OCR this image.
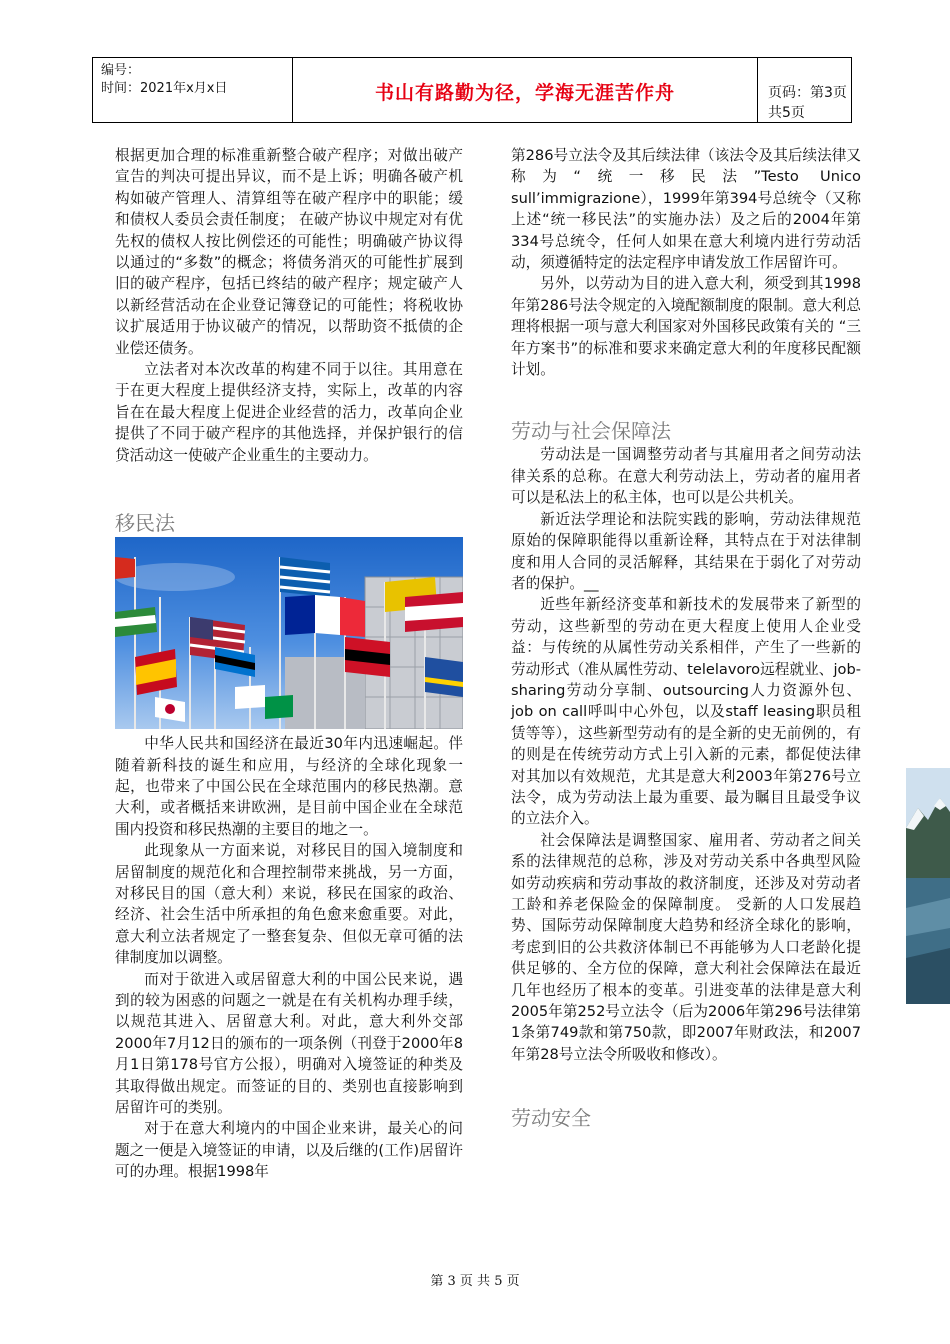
编号：
时间：2021年x月x日	书山有路勤为径，学海无涯苦作舟	页码：第3页 共5页

根据更加合理的标准重新整合破产程序；对做出破产宣告的判决可提出异议，而不是上诉；明确各破产机构如破产管理人、清算组等在破产程序中的职能；缓和债权人委员会责任制度； 在破产协议中规定对有优先权的债权人按比例偿还的可能性；明确破产协议得以通过的“多数”的概念；将债务消灭的可能性扩展到旧的破产程序，包括已终结的破产程序；规定破产人以新经营活动在企业登记簿登记的可能性；将税收协议扩展适用于协议破产的情况，以帮助资不抵债的企业偿还债务。

立法者对本次改革的构建不同于以往。其用意在于在更大程度上提供经济支持，实际上，改革的内容旨在在最大程度上促进企业经营的活力，改革向企业提供了不同于破产程序的其他选择，并保护银行的信贷活动这一使破产企业重生的主要动力。

移民法

中华人民共和国经济在最近30年内迅速崛起。伴随着新科技的诞生和应用，与经济的全球化现象一起，也带来了中国公民在全球范围内的移民热潮。意大利，或者概括来讲欧洲，是目前中国企业在全球范围内投资和移民热潮的主要目的地之一。

此现象从一方面来说，对移民目的国入境制度和居留制度的规范化和合理控制带来挑战，另一方面，对移民目的国（意大利）来说，移民在国家的政治、经济、社会生活中所承担的角色愈来愈重要。对此，意大利立法者规定了一整套复杂、但似无章可循的法律制度加以调整。

而对于欲进入或居留意大利的中国公民来说，遇到的较为困惑的问题之一就是在有关机构办理手续，以规范其进入、居留意大利。对此，意大利外交部2000年7月12日的颁布的一项条例（刊登于2000年8月1日第178号官方公报），明确对入境签证的种类及其取得做出规定。而签证的目的、类别也直接影响到居留许可的类别。

对于在意大利境内的中国企业来讲，最关心的问题之一便是入境签证的申请，以及后继的(工作)居留许可的办理。根据1998年

第286号立法令及其后续法律（该法令及其后续法律又称为“统一移民法”Testo Unico sull’immigrazione），1999年第394号总统令（又称上述“统一移民法”的实施办法）及之后的2004年第334号总统令，任何人如果在意大利境内进行劳动活动，须遵循特定的法定程序申请发放工作居留许可。

另外，以劳动为目的进入意大利，须受到其1998年第286号法令规定的入境配额制度的限制。意大利总理将根据一项与意大利国家对外国移民政策有关的 “三年方案书”的标准和要求来确定意大利的年度移民配额计划。

劳动与社会保障法

劳动法是一国调整劳动者与其雇用者之间劳动法律关系的总称。在意大利劳动法上，劳动者的雇用者可以是私法上的私主体，也可以是公共机关。

新近法学理论和法院实践的影响，劳动法律规范原始的保障职能得以重新诠释，其特点在于对法律制度和用人合同的灵活解释，其结果在于弱化了对劳动者的保护。__

近些年新经济变革和新技术的发展带来了新型的劳动，这些新型的劳动在更大程度上使用人企业受益：与传统的从属性劳动关系相伴，产生了一些新的劳动形式（准从属性劳动、telelavoro远程就业、job-sharing劳动分享制、outsourcing人力资源外包、job on call呼叫中心外包，以及staff leasing职员租赁等等），这些新型劳动有的是全新的史无前例的，有的则是在传统劳动方式上引入新的元素，都促使法律对其加以有效规范，尤其是意大利2003年第276号立法令，成为劳动法上最为重要、最为瞩目且最受争议的立法介入。

社会保障法是调整国家、雇用者、劳动者之间关系的法律规范的总称，涉及对劳动关系中各典型风险如劳动疾病和劳动事故的救济制度，还涉及对劳动者工龄和养老保险金的保障制度。 受新的人口发展趋势、国际劳动保障制度大趋势和经济全球化的影响，考虑到旧的公共救济体制已不再能够为人口老龄化提供足够的、全方位的保障，意大利社会保障法在最近几年也经历了根本的变革。引进变革的法律是意大利2005年第252号立法令（后为2006年第296号法律第1条第749款和第750款，即2007年财政法，和2007年第28号立法令所吸收和修改）。

劳动安全
第 3 页 共 5 页
